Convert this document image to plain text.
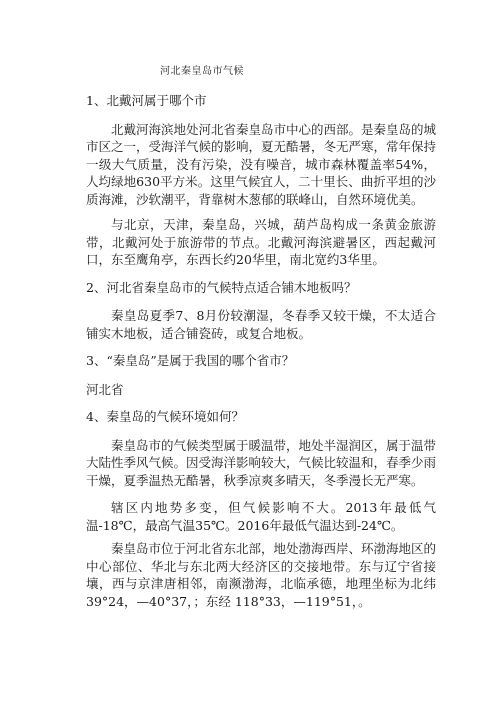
河北秦皇岛市气候
1、北戴河属于哪个市
北戴河海滨地处河北省秦皇岛市中心的西部。是秦皇岛的城市区之一，受海洋气候的影响，夏无酷暑，冬无严寒，常年保持一级大气质量，没有污染，没有噪音，城市森林覆盖率54%，人均绿地630平方米。这里气候宜人，二十里长、曲折平坦的沙质海滩，沙软潮平，背靠树木葱郁的联峰山，自然环境优美。
与北京，天津，秦皇岛，兴城，葫芦岛构成一条黄金旅游带，北戴河处于旅游带的节点。北戴河海滨避暑区，西起戴河口，东至鹰角亭，东西长约20华里，南北宽约3华里。
2、河北省秦皇岛市的气候特点适合铺木地板吗？
秦皇岛夏季7、8月份较潮湿，冬春季又较干燥，不太适合铺实木地板，适合铺瓷砖，或复合地板。
3、“秦皇岛”是属于我国的哪个省市？
河北省
4、秦皇岛的气候环境如何？
秦皇岛市的气候类型属于暖温带，地处半湿润区，属于温带大陆性季风气候。因受海洋影响较大，气候比较温和，春季少雨干燥，夏季温热无酷暑，秋季凉爽多晴天，冬季漫长无严寒。
辖区内地势多变，但气候影响不大。2013年最低气温-18℃，最高气温35℃。2016年最低气温达到-24℃。
秦皇岛市位于河北省东北部，地处渤海西岸、环渤海地区的中心部位、华北与东北两大经济区的交接地带。东与辽宁省接壤，西与京津唐相邻，南濒渤海，北临承德，地理坐标为北纬39°24，—40°37，；东经 118°33，—119°51，。
